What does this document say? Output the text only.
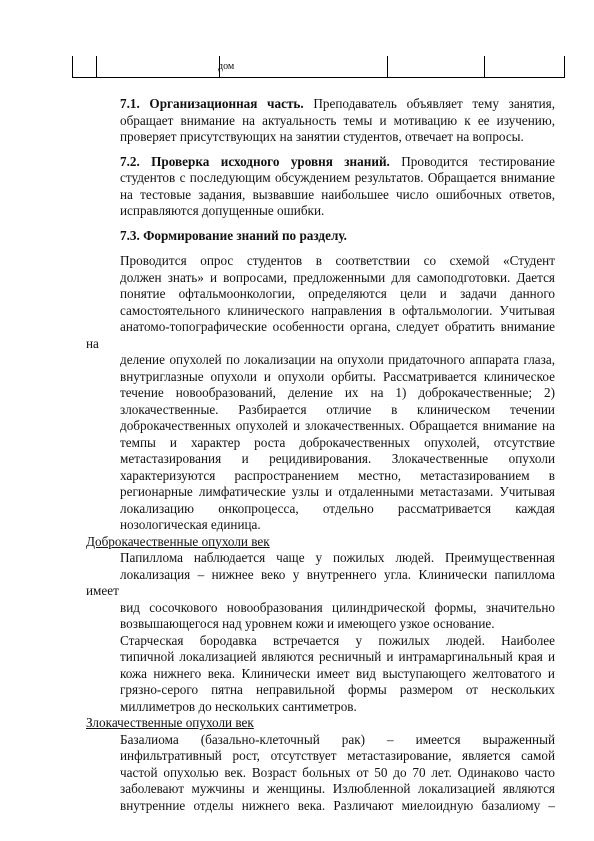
дом
7.1. Организационная часть. Преподаватель объявляет тему занятия,
обращает внимание на актуальность темы и мотивацию к ее изучению,
проверяет присутствующих на занятии студентов, отвечает на вопросы.
7.2. Проверка исходного уровня знаний. Проводится тестирование
студентов с последующим обсуждением результатов. Обращается внимание
на тестовые задания, вызвавшие наибольшее число ошибочных ответов,
исправляются допущенные ошибки.

7.3. Формирование знаний по разделу.

Проводится опрос студентов в соответствии со схемой «Студент
должен знать» и вопросами, предложенными для самоподготовки. Дается
понятие офтальмоонкологии, определяются цели и задачи данного
самостоятельного клинического направления в офтальмологии. Учитывая
анатомо-топографические особенности органа, следует обратить внимание на
деление опухолей по локализации на опухоли придаточного аппарата глаза,
внутриглазные опухоли и опухоли орбиты. Рассматривается клиническое
течение новообразований, деление их на 1) доброкачественные; 2)
злокачественные. Разбирается отличие в клиническом течении
доброкачественных опухолей и злокачественных. Обращается внимание на
темпы и характер роста доброкачественных опухолей, отсутствие
метастазирования и рецидивирования. Злокачественные опухоли
характеризуются распространением местно, метастазированием в
регионарные лимфатические узлы и отдаленными метастазами. Учитывая
локализацию онкопроцесса, отдельно рассматривается каждая
нозологическая единица.

Доброкачественные опухоли век

Папиллома наблюдается чаще у пожилых людей. Преимущественная
локализация – нижнее веко у внутреннего угла. Клинически папиллома имеет
вид сосочкового новообразования цилиндрической формы, значительно
возвышающегося над уровнем кожи и имеющего узкое основание.
Старческая бородавка встречается у пожилых людей. Наиболее
типичной локализацией являются ресничный и интрамаргинальный края и
кожа нижнего века. Клинически имеет вид выступающего желтоватого и
грязно-серого пятна неправильной формы размером от нескольких
миллиметров до нескольких сантиметров.

Злокачественные опухоли век

Базалиома (базально-клеточный рак) – имеется выраженный
инфильтративный рост, отсутствует метастазирование, является самой
частой опухолью век. Возраст больных от 50 до 70 лет. Одинаково часто
заболевают мужчины и женщины. Излюбленной локализацией являются
внутренние отделы нижнего века. Различают миелоидную базалиому –
